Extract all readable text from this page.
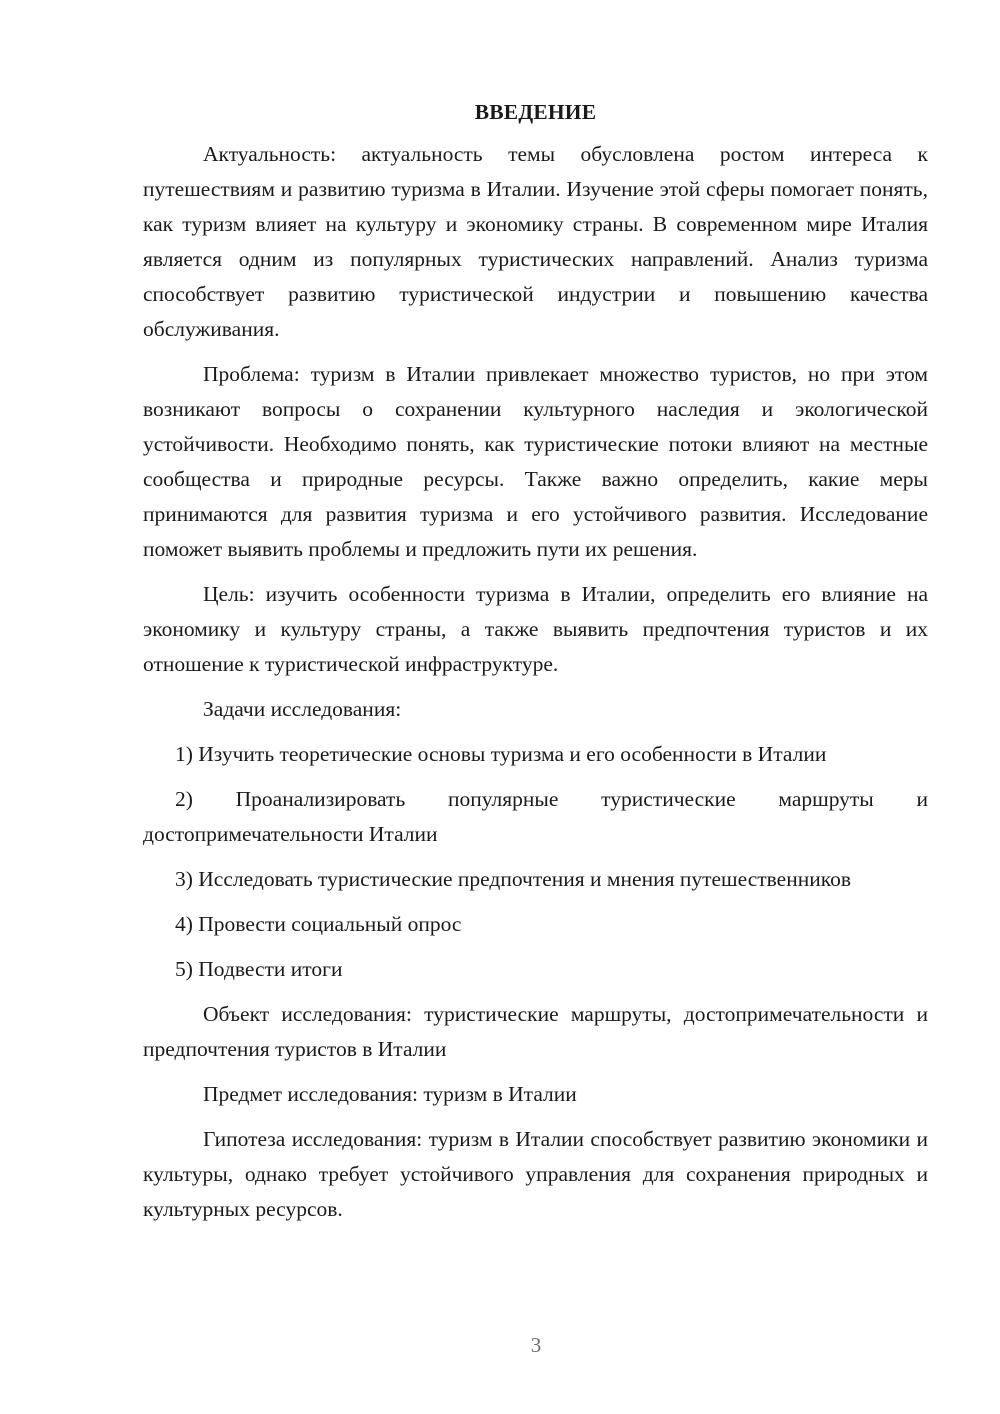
ВВЕДЕНИЕ

Актуальность: актуальность темы обусловлена ростом интереса к путешествиям и развитию туризма в Италии. Изучение этой сферы помогает понять, как туризм влияет на культуру и экономику страны. В современном мире Италия является одним из популярных туристических направлений. Анализ туризма способствует развитию туристической индустрии и повышению качества обслуживания.

Проблема: туризм в Италии привлекает множество туристов, но при этом возникают вопросы о сохранении культурного наследия и экологической устойчивости. Необходимо понять, как туристические потоки влияют на местные сообщества и природные ресурсы. Также важно определить, какие меры принимаются для развития туризма и его устойчивого развития. Исследование поможет выявить проблемы и предложить пути их решения.

Цель: изучить особенности туризма в Италии, определить его влияние на экономику и культуру страны, а также выявить предпочтения туристов и их отношение к туристической инфраструктуре.

Задачи исследования:

1) Изучить теоретические основы туризма и его особенности в Италии

2) Проанализировать популярные туристические маршруты и достопримечательности Италии

3) Исследовать туристические предпочтения и мнения путешественников

4) Провести социальный опрос

5) Подвести итоги

Объект исследования: туристические маршруты, достопримечательности и предпочтения туристов в Италии

Предмет исследования: туризм в Италии

Гипотеза исследования: туризм в Италии способствует развитию экономики и культуры, однако требует устойчивого управления для сохранения природных и культурных ресурсов.

3
